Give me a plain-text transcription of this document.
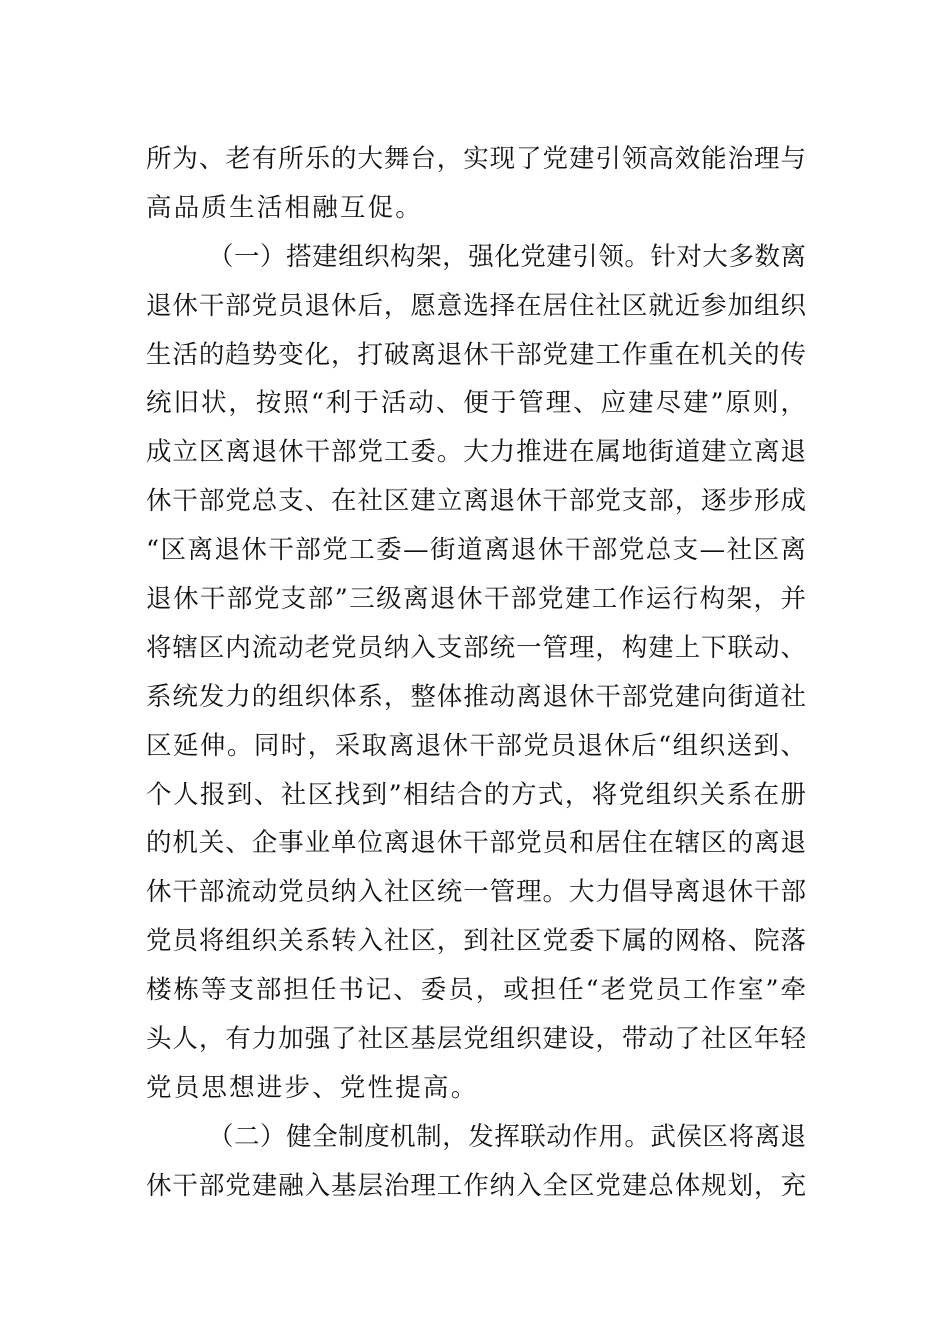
所为、老有所乐的大舞台，实现了党建引领高效能治理与
高品质生活相融互促。
（一）搭建组织构架，强化党建引领。针对大多数离
退休干部党员退休后，愿意选择在居住社区就近参加组织
生活的趋势变化，打破离退休干部党建工作重在机关的传
统旧状，按照“利于活动、便于管理、应建尽建”原则，
成立区离退休干部党工委。大力推进在属地街道建立离退
休干部党总支、在社区建立离退休干部党支部，逐步形成
“区离退休干部党工委—街道离退休干部党总支—社区离
退休干部党支部”三级离退休干部党建工作运行构架，并
将辖区内流动老党员纳入支部统一管理，构建上下联动、
系统发力的组织体系，整体推动离退休干部党建向街道社
区延伸。同时，采取离退休干部党员退休后“组织送到、
个人报到、社区找到”相结合的方式，将党组织关系在册
的机关、企事业单位离退休干部党员和居住在辖区的离退
休干部流动党员纳入社区统一管理。大力倡导离退休干部
党员将组织关系转入社区，到社区党委下属的网格、院落
楼栋等支部担任书记、委员，或担任“老党员工作室”牵
头人，有力加强了社区基层党组织建设，带动了社区年轻
党员思想进步、党性提高。
（二）健全制度机制，发挥联动作用。武侯区将离退
休干部党建融入基层治理工作纳入全区党建总体规划，充
